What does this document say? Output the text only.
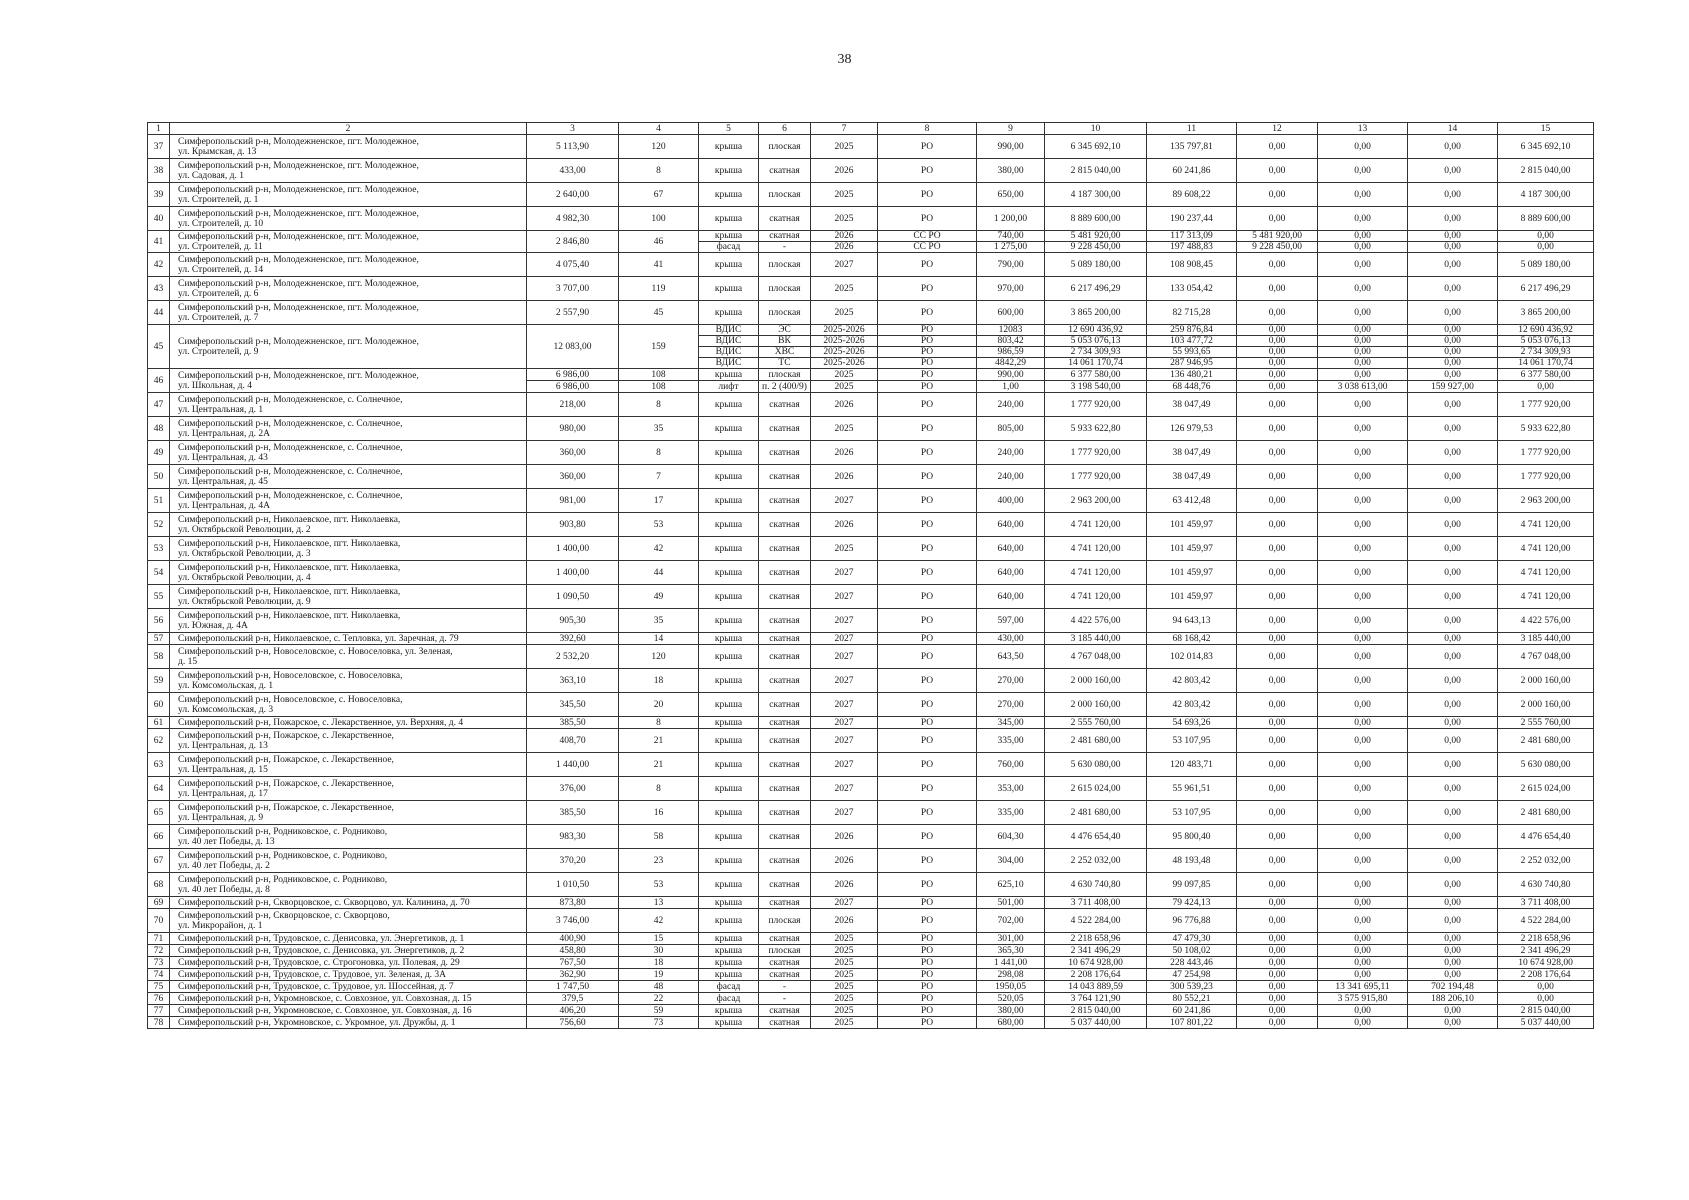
38
1	2	3	4	5	6	7	8	9	10	11	12	13	14	15
37	Симферопольский р-н, Молодежненское, пгт. Молодежное,
ул. Крымская, д. 13	5 113,90	120	крыша	плоская	2025	РО	990,00	6 345 692,10	135 797,81	0,00	0,00	0,00	6 345 692,10
38	Симферопольский р-н, Молодежненское, пгт. Молодежное,
ул. Садовая, д. 1	433,00	8	крыша	скатная	2026	РО	380,00	2 815 040,00	60 241,86	0,00	0,00	0,00	2 815 040,00
39	Симферопольский р-н, Молодежненское, пгт. Молодежное,
ул. Строителей, д. 1	2 640,00	67	крыша	плоская	2025	РО	650,00	4 187 300,00	89 608,22	0,00	0,00	0,00	4 187 300,00
40	Симферопольский р-н, Молодежненское, пгт. Молодежное,
ул. Строителей, д. 10	4 982,30	100	крыша	скатная	2025	РО	1 200,00	8 889 600,00	190 237,44	0,00	0,00	0,00	8 889 600,00
41	Симферопольский р-н, Молодежненское, пгт. Молодежное,
ул. Строителей, д. 11	2 846,80	46	крыша	скатная	2026	СС РО	740,00	5 481 920,00	117 313,09	5 481 920,00	0,00	0,00	0,00
				фасад	-	2026	СС РО	1 275,00	9 228 450,00	197 488,83	9 228 450,00	0,00	0,00	0,00
42	Симферопольский р-н, Молодежненское, пгт. Молодежное,
ул. Строителей, д. 14	4 075,40	41	крыша	плоская	2027	РО	790,00	5 089 180,00	108 908,45	0,00	0,00	0,00	5 089 180,00
43	Симферопольский р-н, Молодежненское, пгт. Молодежное,
ул. Строителей, д. 6	3 707,00	119	крыша	плоская	2025	РО	970,00	6 217 496,29	133 054,42	0,00	0,00	0,00	6 217 496,29
44	Симферопольский р-н, Молодежненское, пгт. Молодежное,
ул. Строителей, д. 7	2 557,90	45	крыша	плоская	2025	РО	600,00	3 865 200,00	82 715,28	0,00	0,00	0,00	3 865 200,00
45	Симферопольский р-н, Молодежненское, пгт. Молодежное,
ул. Строителей, д. 9	12 083,00	159	ВДИС	ЭС	2025-2026	РО	12083	12 690 436,92	259 876,84	0,00	0,00	0,00	12 690 436,92
				ВДИС	ВК	2025-2026	РО	803,42	5 053 076,13	103 477,72	0,00	0,00	0,00	5 053 076,13
				ВДИС	ХВС	2025-2026	РО	986,59	2 734 309,93	55 993,65	0,00	0,00	0,00	2 734 309,93
				ВДИС	ТС	2025-2026	РО	4842,29	14 061 170,74	287 946,95	0,00	0,00	0,00	14 061 170,74
46	Симферопольский р-н, Молодежненское, пгт. Молодежное,
ул. Школьная, д. 4	6 986,00	108	крыша	плоская	2025	РО	990,00	6 377 580,00	136 480,21	0,00	0,00	0,00	6 377 580,00
		6 986,00	108	лифт	п. 2 (400/9)	2025	РО	1,00	3 198 540,00	68 448,76	0,00	3 038 613,00	159 927,00	0,00
47	Симферопольский р-н, Молодежненское, с. Солнечное,
ул. Центральная, д. 1	218,00	8	крыша	скатная	2026	РО	240,00	1 777 920,00	38 047,49	0,00	0,00	0,00	1 777 920,00
48	Симферопольский р-н, Молодежненское, с. Солнечное,
ул. Центральная, д. 2А	980,00	35	крыша	скатная	2025	РО	805,00	5 933 622,80	126 979,53	0,00	0,00	0,00	5 933 622,80
49	Симферопольский р-н, Молодежненское, с. Солнечное,
ул. Центральная, д. 43	360,00	8	крыша	скатная	2026	РО	240,00	1 777 920,00	38 047,49	0,00	0,00	0,00	1 777 920,00
50	Симферопольский р-н, Молодежненское, с. Солнечное,
ул. Центральная, д. 45	360,00	7	крыша	скатная	2026	РО	240,00	1 777 920,00	38 047,49	0,00	0,00	0,00	1 777 920,00
51	Симферопольский р-н, Молодежненское, с. Солнечное,
ул. Центральная, д. 4А	981,00	17	крыша	скатная	2027	РО	400,00	2 963 200,00	63 412,48	0,00	0,00	0,00	2 963 200,00
52	Симферопольский р-н, Николаевское, пгт. Николаевка,
ул. Октябрьской Революции, д. 2	903,80	53	крыша	скатная	2026	РО	640,00	4 741 120,00	101 459,97	0,00	0,00	0,00	4 741 120,00
53	Симферопольский р-н, Николаевское, пгт. Николаевка,
ул. Октябрьской Революции, д. 3	1 400,00	42	крыша	скатная	2025	РО	640,00	4 741 120,00	101 459,97	0,00	0,00	0,00	4 741 120,00
54	Симферопольский р-н, Николаевское, пгт. Николаевка,
ул. Октябрьской Революции, д. 4	1 400,00	44	крыша	скатная	2027	РО	640,00	4 741 120,00	101 459,97	0,00	0,00	0,00	4 741 120,00
55	Симферопольский р-н, Николаевское, пгт. Николаевка,
ул. Октябрьской Революции, д. 9	1 090,50	49	крыша	скатная	2027	РО	640,00	4 741 120,00	101 459,97	0,00	0,00	0,00	4 741 120,00
56	Симферопольский р-н, Николаевское, пгт. Николаевка,
ул. Южная, д. 4А	905,30	35	крыша	скатная	2027	РО	597,00	4 422 576,00	94 643,13	0,00	0,00	0,00	4 422 576,00
57	Симферопольский р-н, Николаевское, с. Тепловка, ул. Заречная, д. 79	392,60	14	крыша	скатная	2027	РО	430,00	3 185 440,00	68 168,42	0,00	0,00	0,00	3 185 440,00
58	Симферопольский р-н, Новоселовское, с. Новоселовка, ул. Зеленая,
д. 15	2 532,20	120	крыша	скатная	2027	РО	643,50	4 767 048,00	102 014,83	0,00	0,00	0,00	4 767 048,00
59	Симферопольский р-н, Новоселовское, с. Новоселовка,
ул. Комсомольская, д. 1	363,10	18	крыша	скатная	2027	РО	270,00	2 000 160,00	42 803,42	0,00	0,00	0,00	2 000 160,00
60	Симферопольский р-н, Новоселовское, с. Новоселовка,
ул. Комсомольская, д. 3	345,50	20	крыша	скатная	2027	РО	270,00	2 000 160,00	42 803,42	0,00	0,00	0,00	2 000 160,00
61	Симферопольский р-н, Пожарское, с. Лекарственное, ул. Верхняя, д. 4	385,50	8	крыша	скатная	2027	РО	345,00	2 555 760,00	54 693,26	0,00	0,00	0,00	2 555 760,00
62	Симферопольский р-н, Пожарское, с. Лекарственное,
ул. Центральная, д. 13	408,70	21	крыша	скатная	2027	РО	335,00	2 481 680,00	53 107,95	0,00	0,00	0,00	2 481 680,00
63	Симферопольский р-н, Пожарское, с. Лекарственное,
ул. Центральная, д. 15	1 440,00	21	крыша	скатная	2027	РО	760,00	5 630 080,00	120 483,71	0,00	0,00	0,00	5 630 080,00
64	Симферопольский р-н, Пожарское, с. Лекарственное,
ул. Центральная, д. 17	376,00	8	крыша	скатная	2027	РО	353,00	2 615 024,00	55 961,51	0,00	0,00	0,00	2 615 024,00
65	Симферопольский р-н, Пожарское, с. Лекарственное,
ул. Центральная, д. 9	385,50	16	крыша	скатная	2027	РО	335,00	2 481 680,00	53 107,95	0,00	0,00	0,00	2 481 680,00
66	Симферопольский р-н, Родниковское, с. Родниково,
ул. 40 лет Победы, д. 13	983,30	58	крыша	скатная	2026	РО	604,30	4 476 654,40	95 800,40	0,00	0,00	0,00	4 476 654,40
67	Симферопольский р-н, Родниковское, с. Родниково,
ул. 40 лет Победы, д. 2	370,20	23	крыша	скатная	2026	РО	304,00	2 252 032,00	48 193,48	0,00	0,00	0,00	2 252 032,00
68	Симферопольский р-н, Родниковское, с. Родниково,
ул. 40 лет Победы, д. 8	1 010,50	53	крыша	скатная	2026	РО	625,10	4 630 740,80	99 097,85	0,00	0,00	0,00	4 630 740,80
69	Симферопольский р-н, Скворцовское, с. Скворцово, ул. Калинина, д. 70	873,80	13	крыша	скатная	2027	РО	501,00	3 711 408,00	79 424,13	0,00	0,00	0,00	3 711 408,00
70	Симферопольский р-н, Скворцовское, с. Скворцово,
ул. Микрорайон, д. 1	3 746,00	42	крыша	плоская	2026	РО	702,00	4 522 284,00	96 776,88	0,00	0,00	0,00	4 522 284,00
71	Симферопольский р-н, Трудовское, с. Денисовка, ул. Энергетиков, д. 1	400,90	15	крыша	скатная	2025	РО	301,00	2 218 658,96	47 479,30	0,00	0,00	0,00	2 218 658,96
72	Симферопольский р-н, Трудовское, с. Денисовка, ул. Энергетиков, д. 2	458,80	30	крыша	плоская	2025	РО	365,30	2 341 496,29	50 108,02	0,00	0,00	0,00	2 341 496,29
73	Симферопольский р-н, Трудовское, с. Строгоновка, ул. Полевая, д. 29	767,50	18	крыша	скатная	2025	РО	1 441,00	10 674 928,00	228 443,46	0,00	0,00	0,00	10 674 928,00
74	Симферопольский р-н, Трудовское, с. Трудовое, ул. Зеленая, д. 3А	362,90	19	крыша	скатная	2025	РО	298,08	2 208 176,64	47 254,98	0,00	0,00	0,00	2 208 176,64
75	Симферопольский р-н, Трудовское, с. Трудовое, ул. Шоссейная, д. 7	1 747,50	48	фасад	-	2025	РО	1950,05	14 043 889,59	300 539,23	0,00	13 341 695,11	702 194,48	0,00
76	Симферопольский р-н, Укромновское, с. Совхозное, ул. Совхозная, д. 15	379,5	22	фасад	-	2025	РО	520,05	3 764 121,90	80 552,21	0,00	3 575 915,80	188 206,10	0,00
77	Симферопольский р-н, Укромновское, с. Совхозное, ул. Совхозная, д. 16	406,20	59	крыша	скатная	2025	РО	380,00	2 815 040,00	60 241,86	0,00	0,00	0,00	2 815 040,00
78	Симферопольский р-н, Укромновское, с. Укромное, ул. Дружбы, д. 1	756,60	73	крыша	скатная	2025	РО	680,00	5 037 440,00	107 801,22	0,00	0,00	0,00	5 037 440,00
